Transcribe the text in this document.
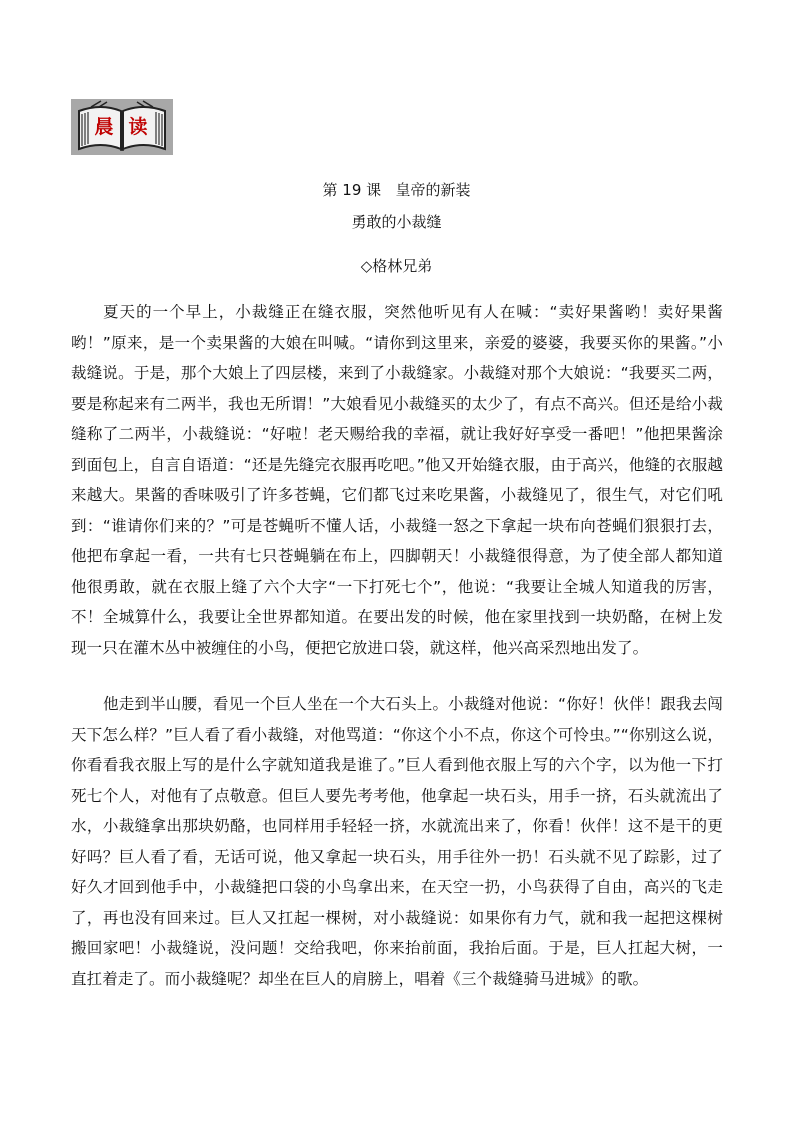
晨 读
第 19 课 皇帝的新装
勇敢的小裁缝
◇格林兄弟

夏天的一个早上，小裁缝正在缝衣服，突然他听见有人在喊：“卖好果酱哟！卖好果酱哟！”原来，是一个卖果酱的大娘在叫喊。“请你到这里来，亲爱的婆婆，我要买你的果酱。”小裁缝说。于是，那个大娘上了四层楼，来到了小裁缝家。小裁缝对那个大娘说：“我要买二两，要是称起来有二两半，我也无所谓！”大娘看见小裁缝买的太少了，有点不高兴。但还是给小裁缝称了二两半，小裁缝说：“好啦！老天赐给我的幸福，就让我好好享受一番吧！”他把果酱涂到面包上，自言自语道：“还是先缝完衣服再吃吧。”他又开始缝衣服，由于高兴，他缝的衣服越来越大。果酱的香味吸引了许多苍蝇，它们都飞过来吃果酱，小裁缝见了，很生气，对它们吼到：“谁请你们来的？”可是苍蝇听不懂人话，小裁缝一怒之下拿起一块布向苍蝇们狠狠打去，他把布拿起一看，一共有七只苍蝇躺在布上，四脚朝天！小裁缝很得意，为了使全部人都知道他很勇敢，就在衣服上缝了六个大字“一下打死七个”，他说：“我要让全城人知道我的厉害，不！全城算什么，我要让全世界都知道。在要出发的时候，他在家里找到一块奶酪，在树上发现一只在灌木丛中被缠住的小鸟，便把它放进口袋，就这样，他兴高采烈地出发了。

他走到半山腰，看见一个巨人坐在一个大石头上。小裁缝对他说：“你好！伙伴！跟我去闯天下怎么样？”巨人看了看小裁缝，对他骂道：“你这个小不点，你这个可怜虫。”“你别这么说，你看看我衣服上写的是什么字就知道我是谁了。”巨人看到他衣服上写的六个字，以为他一下打死七个人，对他有了点敬意。但巨人要先考考他，他拿起一块石头，用手一挤，石头就流出了水，小裁缝拿出那块奶酪，也同样用手轻轻一挤，水就流出来了，你看！伙伴！这不是干的更好吗？巨人看了看，无话可说，他又拿起一块石头，用手往外一扔！石头就不见了踪影，过了好久才回到他手中，小裁缝把口袋的小鸟拿出来，在天空一扔，小鸟获得了自由，高兴的飞走了，再也没有回来过。巨人又扛起一棵树，对小裁缝说：如果你有力气，就和我一起把这棵树搬回家吧！小裁缝说，没问题！交给我吧，你来抬前面，我抬后面。于是，巨人扛起大树，一直扛着走了。而小裁缝呢？却坐在巨人的肩膀上，唱着《三个裁缝骑马进城》的歌。
